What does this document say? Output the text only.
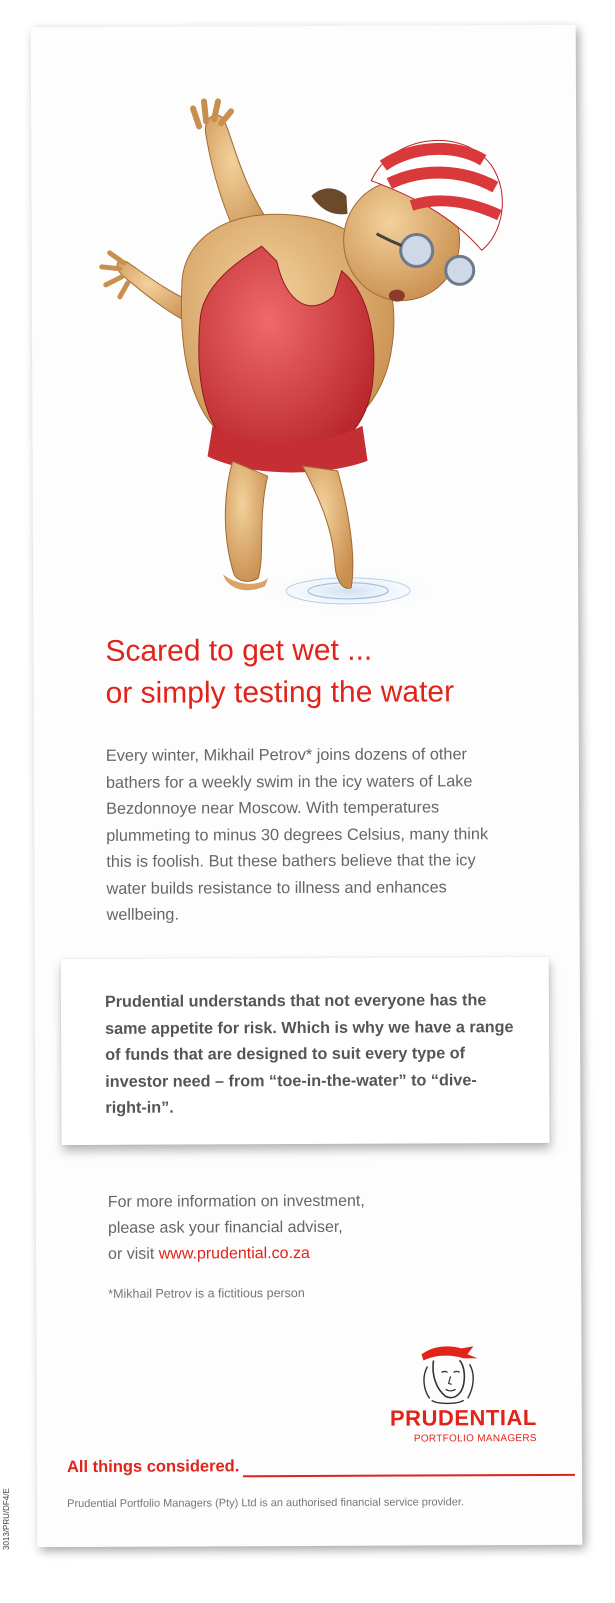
Scared to get wet ...
or simply testing the water

Every winter, Mikhail Petrov* joins dozens of other bathers for a weekly swim in the icy waters of Lake Bezdonnoye near Moscow. With temperatures plummeting to minus 30 degrees Celsius, many think this is foolish. But these bathers believe that the icy water builds resistance to illness and enhances wellbeing.

Prudential understands that not everyone has the same appetite for risk. Which is why we have a range of funds that are designed to suit every type of investor need – from “toe-in-the-water” to “dive-right-in”.

For more information on investment,
please ask your financial adviser,
or visit www.prudential.co.za

*Mikhail Petrov is a fictitious person

PRUDENTIAL
PORTFOLIO MANAGERS
All things considered.

Prudential Portfolio Managers (Pty) Ltd is an authorised financial service provider.

3013/PRU/DF4/E
